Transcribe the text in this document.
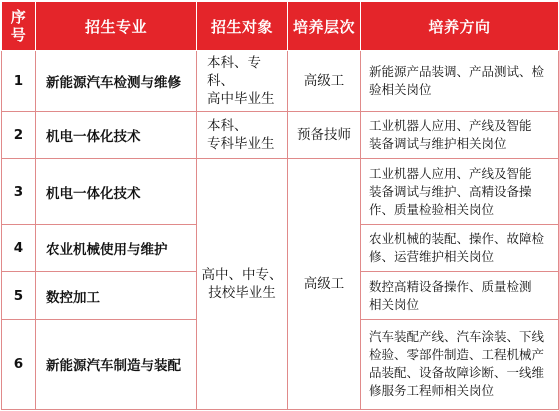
序
号	招生专业	招生对象	培养层次	培养方向
1	新能源汽车检测与维修	本科、专科、
高中毕业生	高级工	新能源产品装调、产品测试、检
验相关岗位

2	机电一体化技术	本科、
专科毕业生	预备技师	工业机器人应用、产线及智能
装备调试与维护相关岗位

3	机电一体化技术	高中、中专、
技校毕业生	高级工	工业机器人应用、产线及智能
装备调试与维护、高精设备操
作、质量检验相关岗位

4	农业机械使用与维护			农业机械的装配、操作、故障检
修、运营维护相关岗位

5	数控加工			数控高精设备操作、质量检测
相关岗位

6	新能源汽车制造与装配			汽车装配产线、汽车涂装、下线
检验、零部件制造、工程机械产
品装配、设备故障诊断、一线维
修服务工程师相关岗位
